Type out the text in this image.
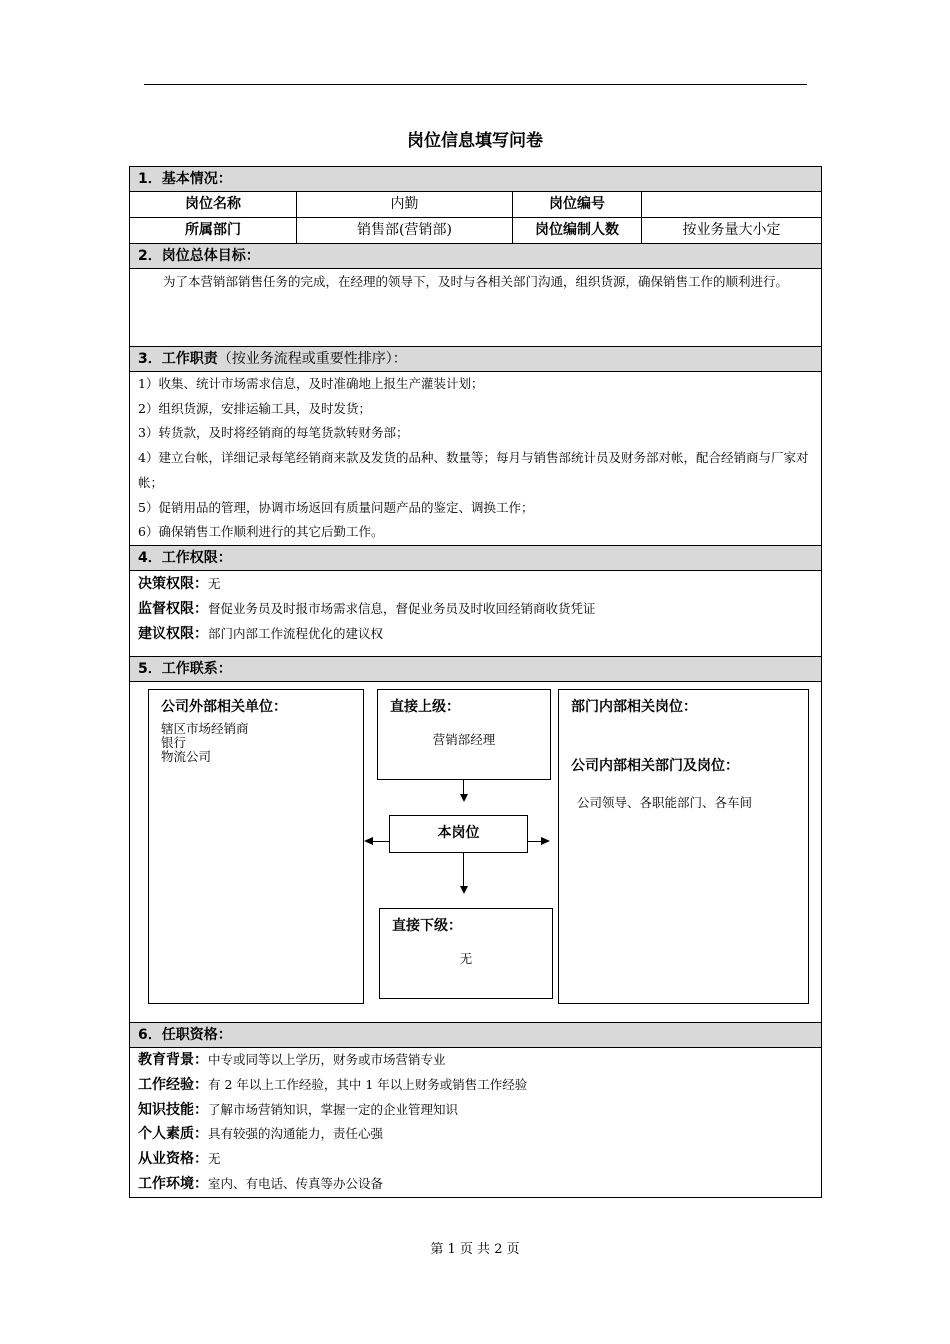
岗位信息填写问卷
1．基本情况：
岗位名称	内勤	岗位编号
所属部门	销售部(营销部)	岗位编制人数	按业务量大小定
2．岗位总体目标：
为了本营销部销售任务的完成，在经理的领导下，及时与各相关部门沟通，组织货源，确保销售工作的顺利进行。
3．工作职责（按业务流程或重要性排序）：
1）收集、统计市场需求信息，及时准确地上报生产灌装计划；
2）组织货源，安排运输工具，及时发货；
3）转货款，及时将经销商的每笔货款转财务部；
4）建立台帐，详细记录每笔经销商来款及发货的品种、数量等；每月与销售部统计员及财务部对帐，配合经销商与厂家对帐；
5）促销用品的管理，协调市场返回有质量问题产品的鉴定、调换工作；
6）确保销售工作顺利进行的其它后勤工作。
4．工作权限：
决策权限：无
监督权限：督促业务员及时报市场需求信息，督促业务员及时收回经销商收货凭证
建议权限：部门内部工作流程优化的建议权
5．工作联系：
公司外部相关单位：
辖区市场经销商
银行
物流公司
直接上级：
营销部经理
本岗位
直接下级：
无
部门内部相关岗位：
公司内部相关部门及岗位：
公司领导、各职能部门、各车间
6．任职资格：
教育背景：中专或同等以上学历，财务或市场营销专业
工作经验：有 2 年以上工作经验，其中 1 年以上财务或销售工作经验
知识技能：了解市场营销知识，掌握一定的企业管理知识
个人素质：具有较强的沟通能力，责任心强
从业资格：无
工作环境：室内、有电话、传真等办公设备
第 1 页 共 2 页
